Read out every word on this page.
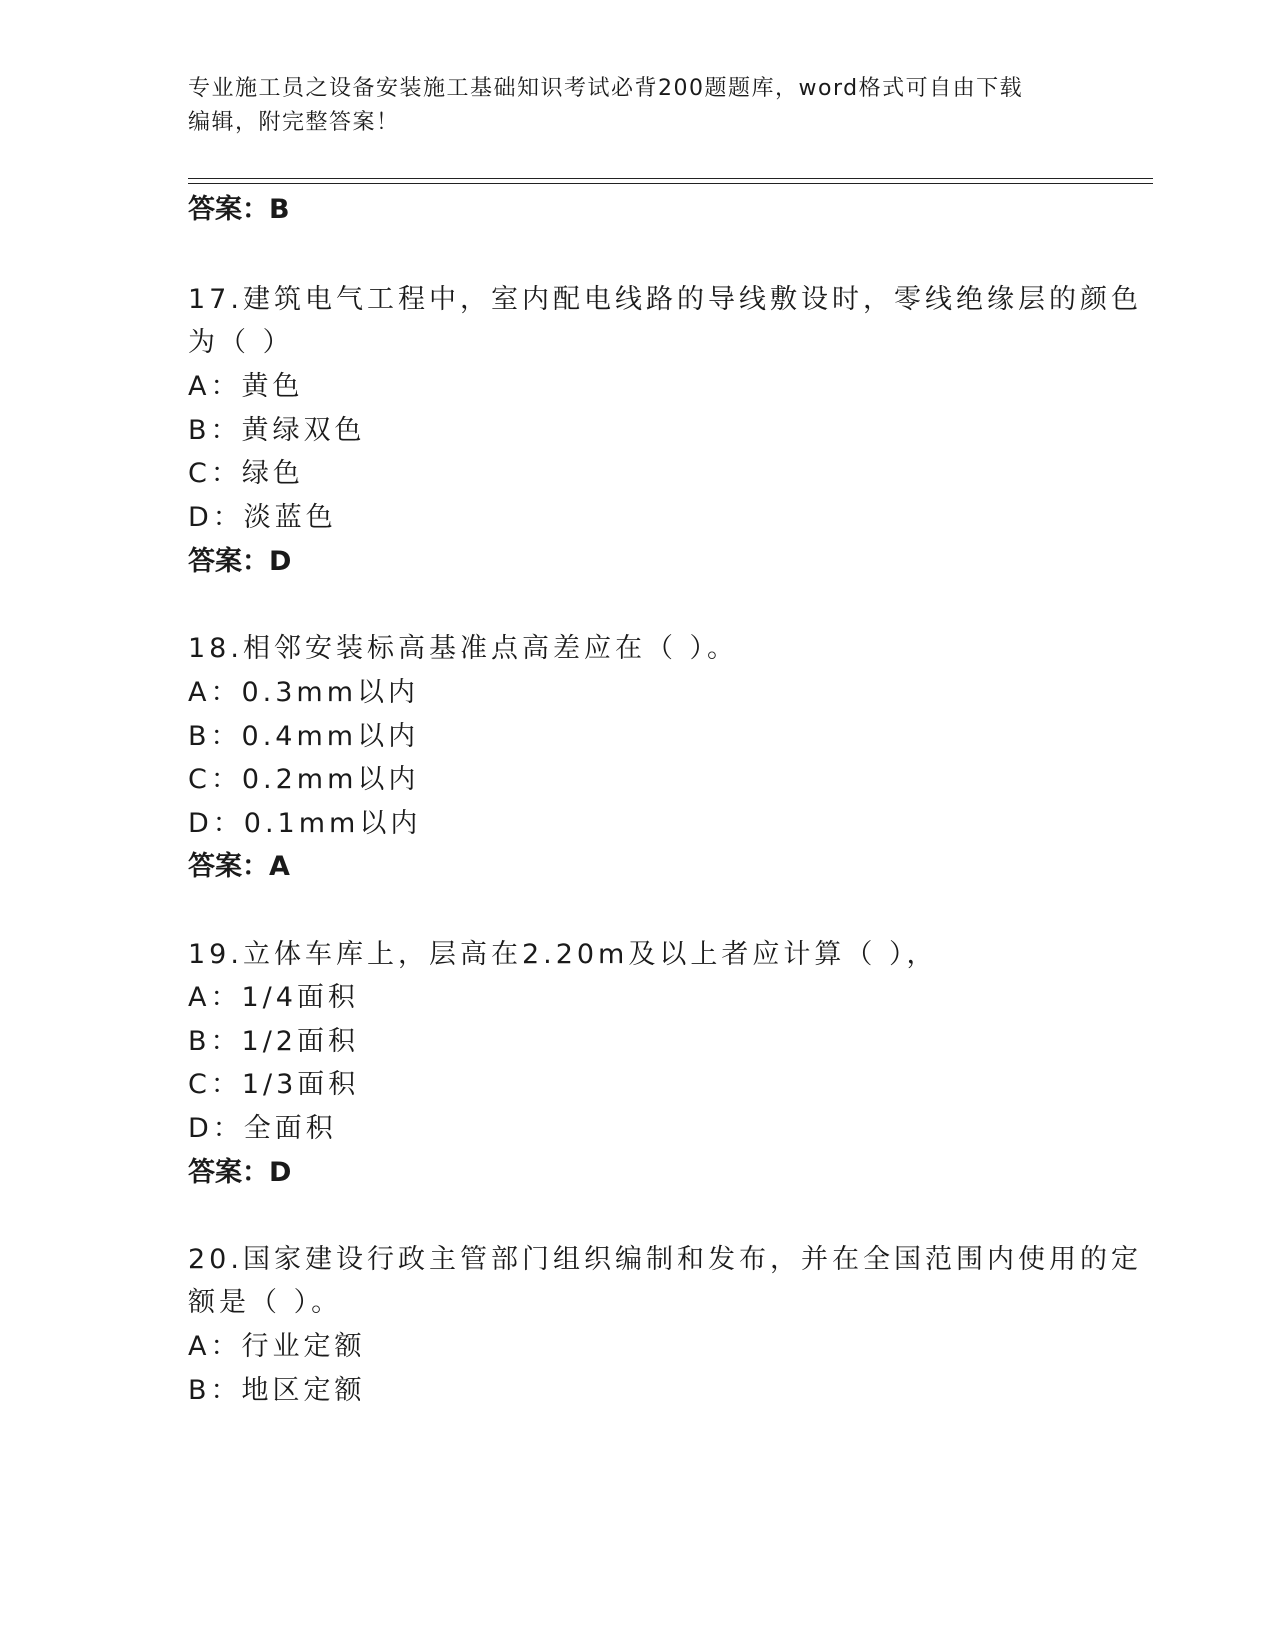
专业施工员之设备安装施工基础知识考试必背200题题库，word格式可自由下载
编辑，附完整答案！
答案：B
17.建筑电气工程中，室内配电线路的导线敷设时，零线绝缘层的颜色
为（ ）
A：黄色
B：黄绿双色
C：绿色
D：淡蓝色
答案：D
18.相邻安装标高基准点高差应在（ ）。
A：0.3mm以内
B：0.4mm以内
C：0.2mm以内
D：0.1mm以内
答案：A
19.立体车库上，层高在2.20m及以上者应计算（ ），
A：1/4面积
B：1/2面积
C：1/3面积
D：全面积
答案：D
20.国家建设行政主管部门组织编制和发布，并在全国范围内使用的定
额是（ ）。
A：行业定额
B：地区定额
